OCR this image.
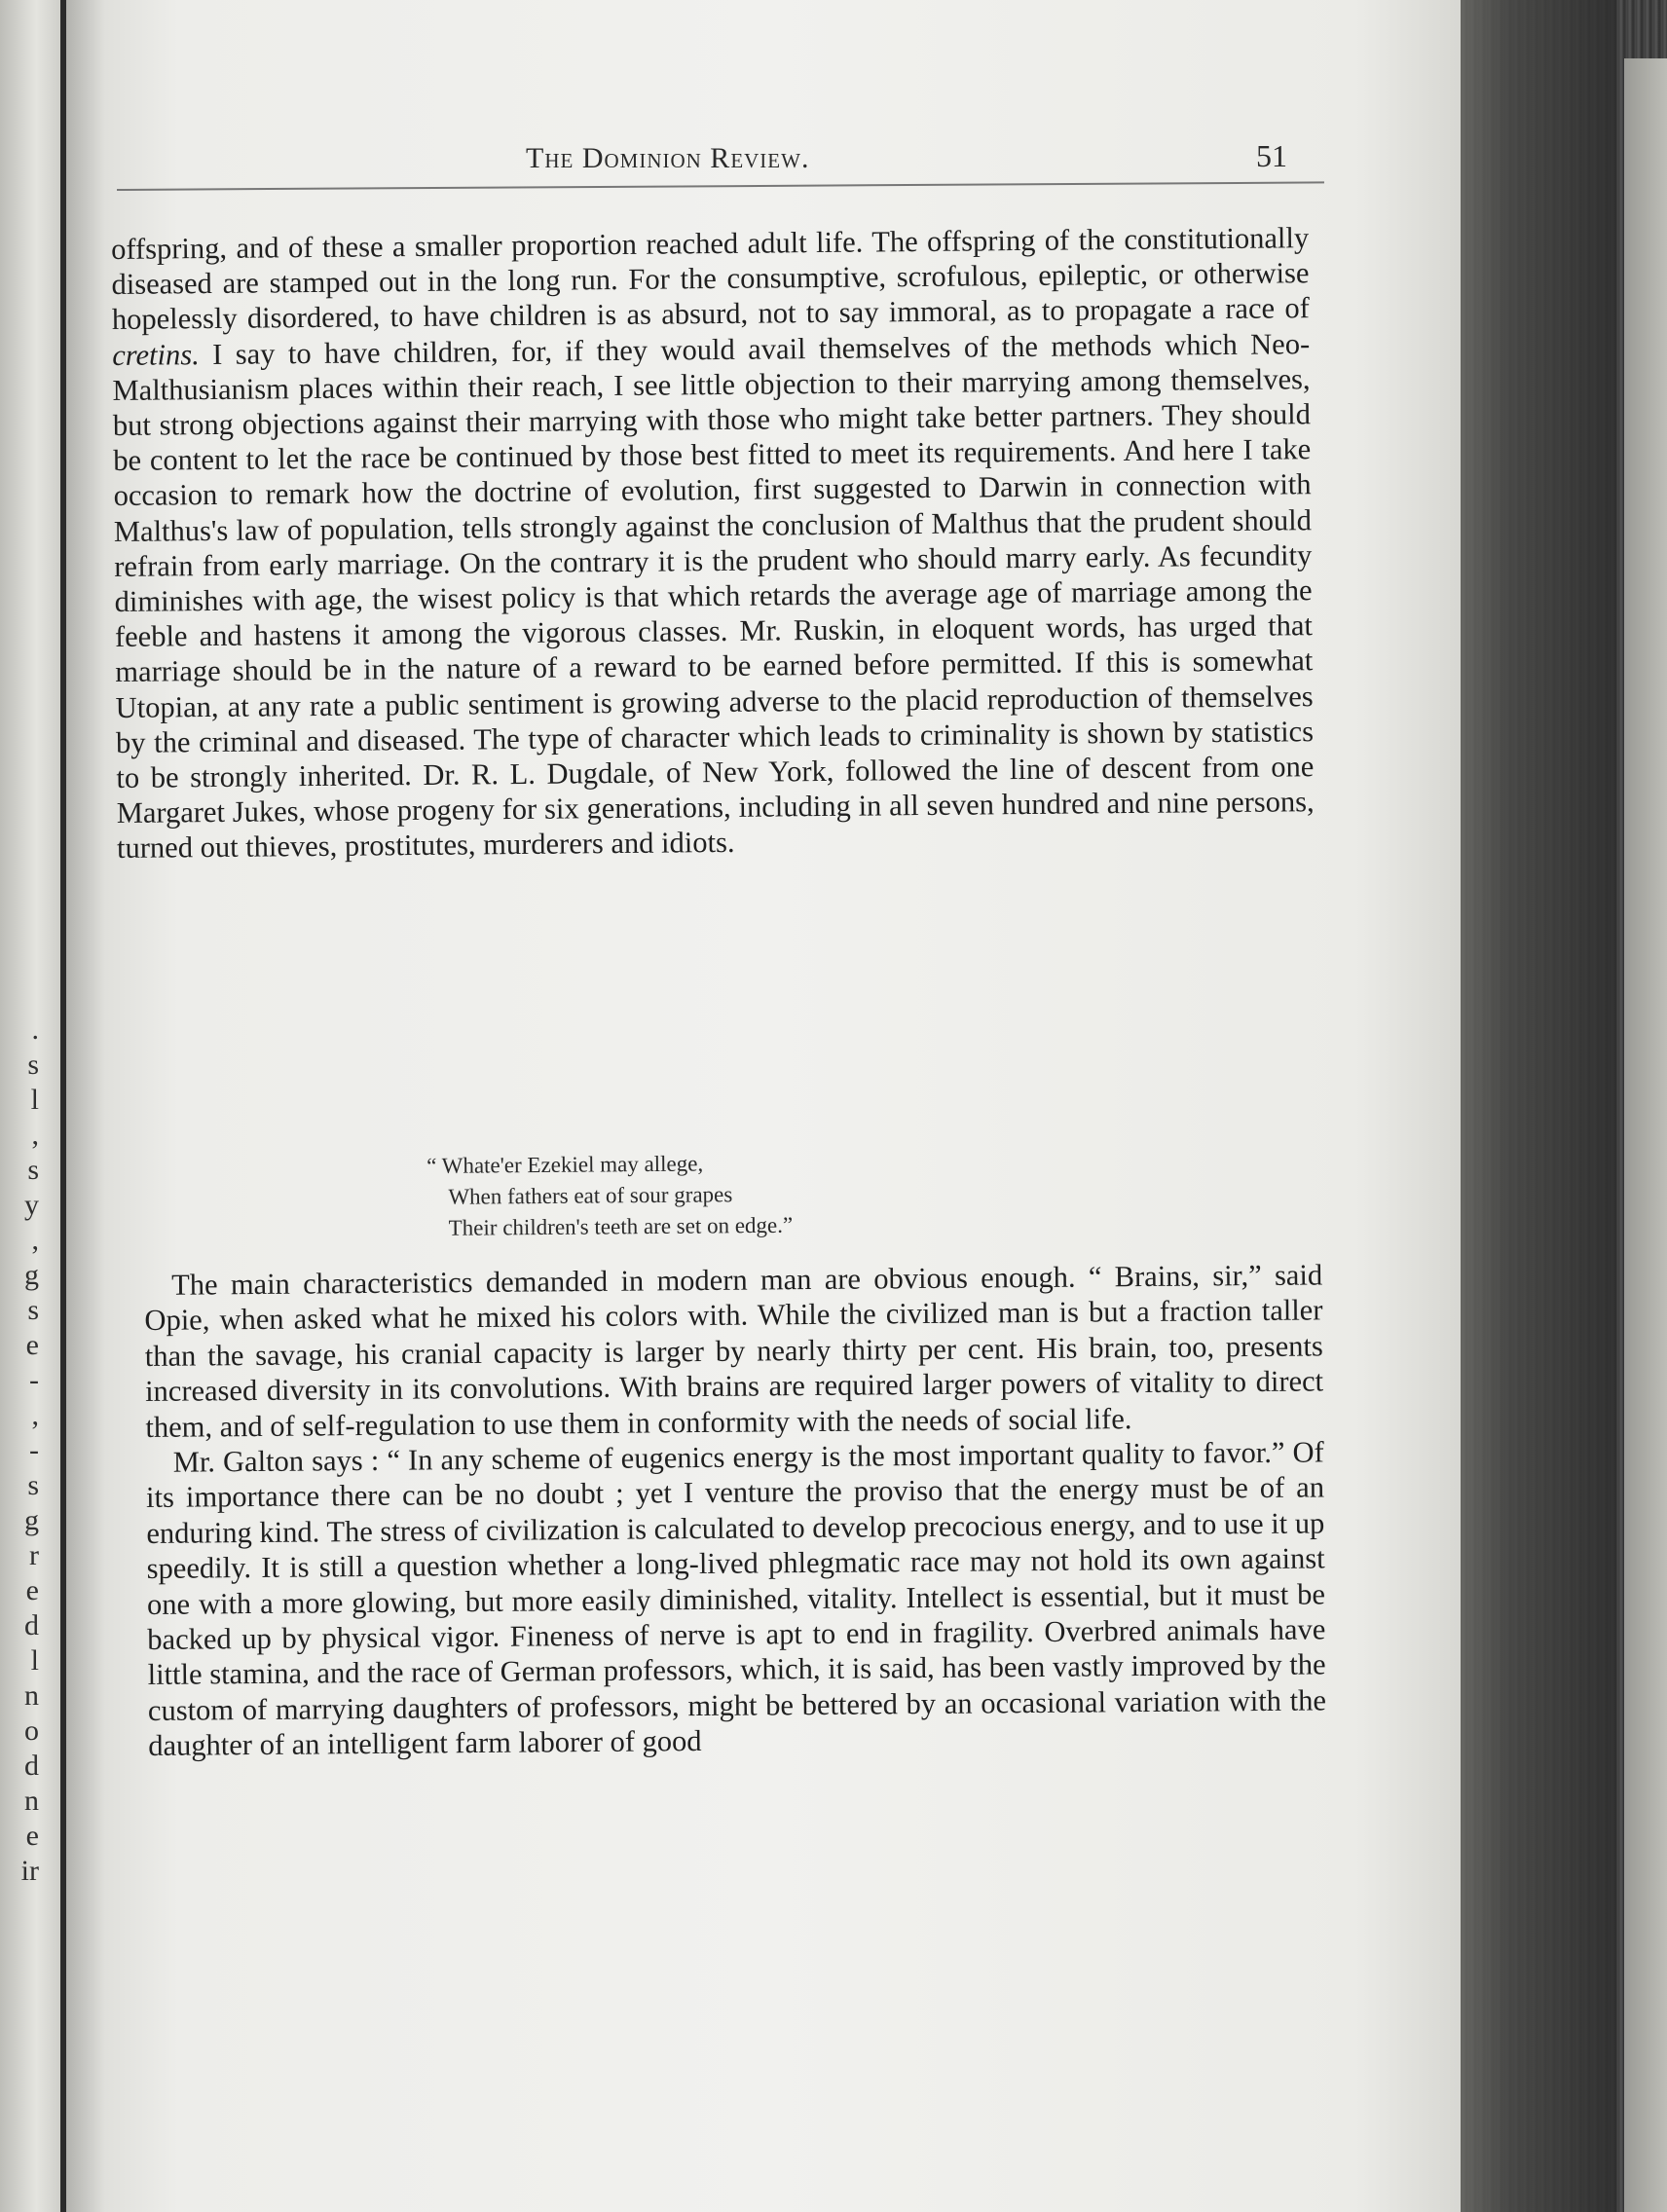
.
s
l
,
s
y
,
g
s
e
-
,
-
s
g
r
e
d
l
n
o
d
n
e
ir
The Dominion Review.	51

offspring, and of these a smaller proportion reached adult life. The offspring of the constitutionally diseased are stamped out in the long run. For the consumptive, scrofulous, epileptic, or otherwise hopelessly disordered, to have children is as absurd, not to say immoral, as to propagate a race of cretins. I say to have children, for, if they would avail themselves of the methods which Neo-Malthusianism places within their reach, I see little objection to their marrying among themselves, but strong objections against their marrying with those who might take better partners. They should be content to let the race be continued by those best fitted to meet its requirements. And here I take occasion to remark how the doctrine of evolution, first suggested to Darwin in connection with Malthus's law of population, tells strongly against the conclusion of Malthus that the prudent should refrain from early marriage. On the contrary it is the prudent who should marry early. As fecundity diminishes with age, the wisest policy is that which retards the average age of marriage among the feeble and hastens it among the vigorous classes. Mr. Ruskin, in eloquent words, has urged that marriage should be in the nature of a reward to be earned before permitted. If this is somewhat Utopian, at any rate a public sentiment is growing adverse to the placid reproduction of themselves by the criminal and diseased. The type of character which leads to criminality is shown by statistics to be strongly inherited. Dr. R. L. Dugdale, of New York, followed the line of descent from one Margaret Jukes, whose progeny for six generations, including in all seven hundred and nine persons, turned out thieves, prostitutes, murderers and idiots.

“ Whate'er Ezekiel may allege,
When fathers eat of sour grapes
Their children's teeth are set on edge.”

The main characteristics demanded in modern man are obvious enough. “ Brains, sir,” said Opie, when asked what he mixed his colors with. While the civilized man is but a fraction taller than the savage, his cranial capacity is larger by nearly thirty per cent. His brain, too, presents increased diversity in its convolutions. With brains are required larger powers of vitality to direct them, and of self-regulation to use them in conformity with the needs of social life.

Mr. Galton says : “ In any scheme of eugenics energy is the most important quality to favor.” Of its importance there can be no doubt ; yet I venture the proviso that the energy must be of an enduring kind. The stress of civilization is calculated to develop precocious energy, and to use it up speedily. It is still a question whether a long-lived phlegmatic race may not hold its own against one with a more glowing, but more easily diminished, vitality. Intellect is essential, but it must be backed up by physical vigor. Fineness of nerve is apt to end in fragility. Overbred animals have little stamina, and the race of German professors, which, it is said, has been vastly improved by the custom of marrying daughters of professors, might be bettered by an occasional variation with the daughter of an intelligent farm laborer of good
